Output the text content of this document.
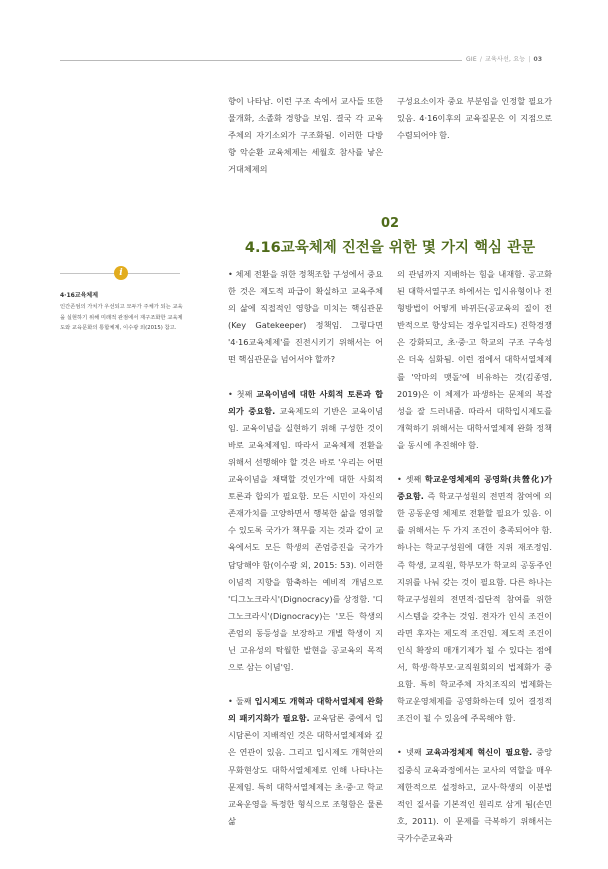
GIE / 교육사선, 요능 | 03

향이 나타남. 이런 구조 속에서 교사들 또한 물개화, 소졸화 경향을 보임. 결국 각 교육주체의 자기소외가 구조화됨. 이러한 다방향 악순환 교육체제는 세월호 참사를 낳은 거대체제의

구성요소이자 중요 부분임을 인정할 필요가 있음. 4·16이후의 교육질문은 이 지점으로 수렴되어야 함.

02
4.16교육체제 진전을 위한 몇 가지 핵심 관문
i
4·16교육체제

인간존엄의 가치가 우선되고 모두가 주체가 되는 교육을 실현하기 위해 미래적 관점에서 재구조화한 교육제도와 교육문화의 통합체계, 이수광 외(2015) 참고.

• 체제 전환을 위한 정책조합 구성에서 중요한 것은 제도적 파급이 확실하고 교육주체의 삶에 직접적인 영향을 미치는 핵심관문(Key Gatekeeper) 정책임. 그렇다면 '4·16교육체제'를 진전시키기 위해서는 어떤 핵심관문을 넘어서야 할까?

• 첫째 교육이념에 대한 사회적 토론과 합의가 중요함. 교육제도의 기반은 교육이념임. 교육이념을 실현하기 위해 구성한 것이 바로 교육체제임. 따라서 교육체제 전환을 위해서 선행해야 할 것은 바로 '우리는 어떤 교육이념을 채택할 것인가'에 대한 사회적 토론과 합의가 필요함. 모든 시민이 자신의 존재가치를 고양하면서 행복한 삶을 영위할 수 있도록 국가가 책무를 지는 것과 같이 교육에서도 모든 학생의 존엄증진을 국가가 담당해야 함(이수광 외, 2015: 53). 이러한 이념적 지향을 함축하는 예비적 개념으로 '디그노크라시'(Dignocracy)를 상정함. '디그노크라시'(Dignocracy)는 '모든 학생의 존엄의 동등성을 보장하고 개별 학생이 지닌 고유성의 탁월한 발현을 공교육의 목적으로 삼는 이념'임.

• 둘째 입시제도 개혁과 대학서열체제 완화의 패키지화가 필요함. 교육담론 중에서 입시담론이 지배적인 것은 대학서열체제와 깊은 연관이 있음. 그리고 입시제도 개혁안의 무화현상도 대학서열체제로 인해 나타나는 문제임. 특히 대학서열체제는 초·중·고 학교 교육운영을 특정한 형식으로 조형함은 물론 삶

의 관념까지 지배하는 힘을 내재함. 공고화된 대학서열구조 하에서는 입시유형이나 전형방법이 어떻게 바뀌든(공교육의 질이 전반적으로 향상되는 경우일지라도) 진학경쟁은 강화되고, 초·중·고 학교의 구조 구속성은 더욱 심화됨. 이런 점에서 대학서열체제를 '악마의 맷돌'에 비유하는 것(김종영, 2019)은 이 체제가 파생하는 문제의 복잡성을 잘 드러내줌. 따라서 대학입시제도를 개혁하기 위해서는 대학서열체제 완화 정책을 동시에 추진해야 함.

• 셋째 학교운영체제의 공영화(共營化)가 중요함. 즉 학교구성원의 전면적 참여에 의한 공동운영 체제로 전환할 필요가 있음. 이를 위해서는 두 가지 조건이 충족되어야 함. 하나는 학교구성원에 대한 지위 재조정임. 즉 학생, 교직원, 학부모가 학교의 공동주인 지위를 나눠 갖는 것이 필요함. 다른 하나는 학교구성원의 전면적·집단적 참여를 위한 시스템을 갖추는 것임. 전자가 인식 조건이라면 후자는 제도적 조건임. 제도적 조건이 인식 확장의 매개기제가 될 수 있다는 점에서, 학생·학부모·교직원회의의 법제화가 중요함. 특히 학교주체 자치조직의 법제화는 학교운영체제를 공영화하는데 있어 결정적 조건이 될 수 있음에 주목해야 함.

• 넷째 교육과정체제 혁신이 필요함. 중앙집중식 교육과정에서는 교사의 역할을 매우 제한적으로 설정하고, 교사·학생의 이분법적인 질서를 기본적인 원리로 삼게 됨(손민호, 2011). 이 문제를 극복하기 위해서는 국가수준교육과
